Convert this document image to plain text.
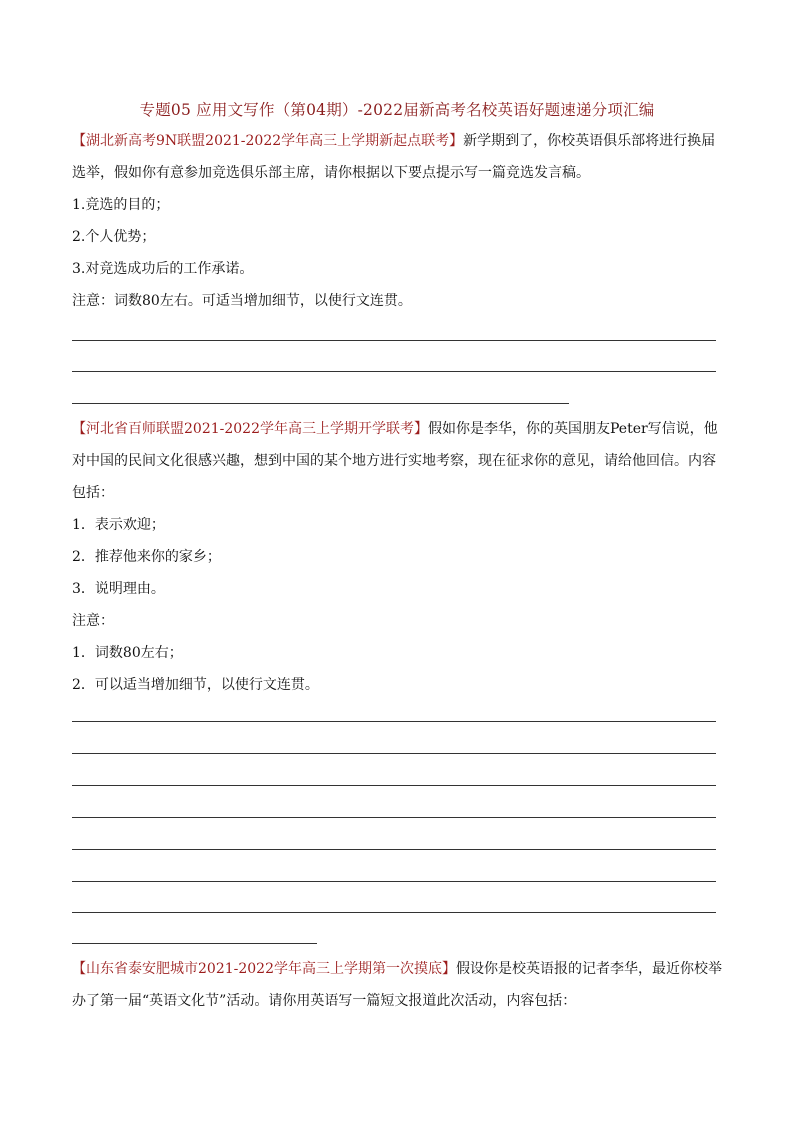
专题05 应用文写作（第04期）-2022届新高考名校英语好题速递分项汇编
【湖北新高考9N联盟2021-2022学年高三上学期新起点联考】新学期到了，你校英语俱乐部将进行换届选举，假如你有意参加竞选俱乐部主席，请你根据以下要点提示写一篇竞选发言稿。
1.竞选的目的；
2.个人优势；
3.对竞选成功后的工作承诺。
注意：词数80左右。可适当增加细节，以使行文连贯。
【河北省百师联盟2021-2022学年高三上学期开学联考】假如你是李华，你的英国朋友Peter写信说，他对中国的民间文化很感兴趣，想到中国的某个地方进行实地考察，现在征求你的意见，请给他回信。内容包括：
1．表示欢迎；
2．推荐他来你的家乡；
3．说明理由。
注意：
1．词数80左右；
2．可以适当增加细节，以使行文连贯。
【山东省泰安肥城市2021-2022学年高三上学期第一次摸底】假设你是校英语报的记者李华，最近你校举办了第一届“英语文化节”活动。请你用英语写一篇短文报道此次活动，内容包括：
